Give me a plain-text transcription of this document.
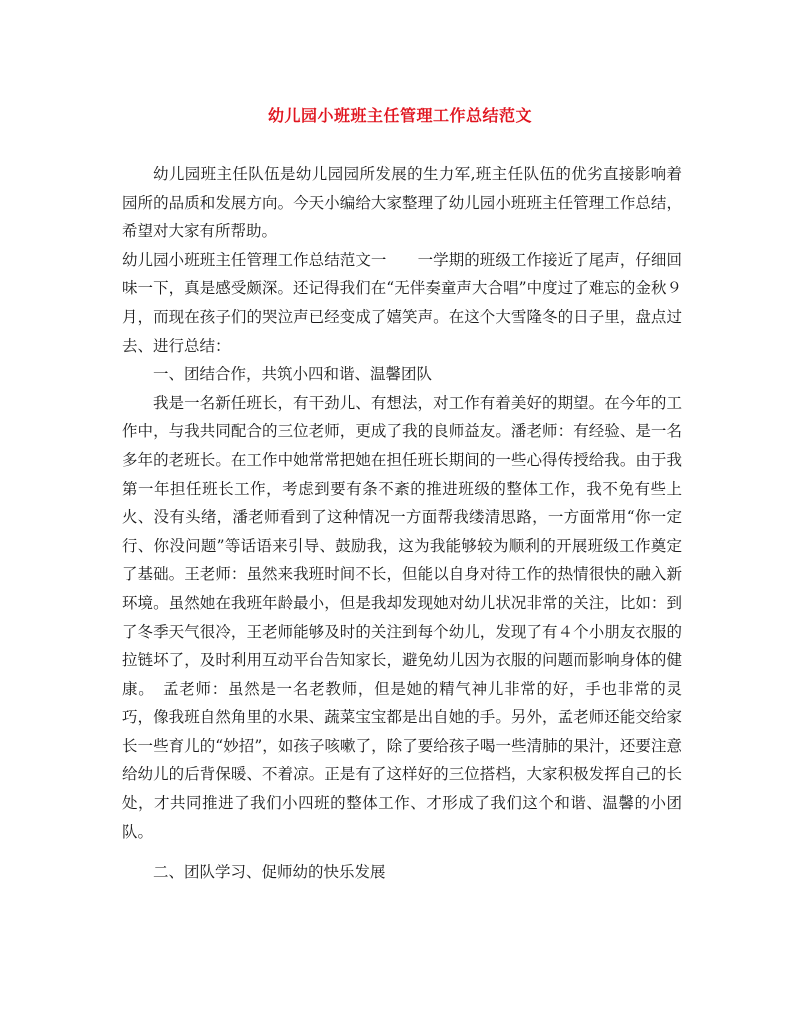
幼儿园小班班主任管理工作总结范文

幼儿园班主任队伍是幼儿园园所发展的生力军,班主任队伍的优劣直接影响着园所的品质和发展方向。今天小编给大家整理了幼儿园小班班主任管理工作总结，希望对大家有所帮助。

幼儿园小班班主任管理工作总结范文一　　一学期的班级工作接近了尾声，仔细回味一下，真是感受颇深。还记得我们在“无伴奏童声大合唱”中度过了难忘的金秋９月，而现在孩子们的哭泣声已经变成了嬉笑声。在这个大雪隆冬的日子里，盘点过去、进行总结：

一、团结合作，共筑小四和谐、温馨团队

我是一名新任班长，有干劲儿、有想法，对工作有着美好的期望。在今年的工作中，与我共同配合的三位老师，更成了我的良师益友。潘老师：有经验、是一名多年的老班长。在工作中她常常把她在担任班长期间的一些心得传授给我。由于我第一年担任班长工作，考虑到要有条不紊的推进班级的整体工作，我不免有些上火、没有头绪，潘老师看到了这种情况一方面帮我缕清思路，一方面常用“你一定行、你没问题”等话语来引导、鼓励我，这为我能够较为顺利的开展班级工作奠定了基础。王老师：虽然来我班时间不长，但能以自身对待工作的热情很快的融入新环境。虽然她在我班年龄最小，但是我却发现她对幼儿状况非常的关注，比如：到了冬季天气很冷，王老师能够及时的关注到每个幼儿，发现了有４个小朋友衣服的拉链坏了，及时利用互动平台告知家长，避免幼儿因为衣服的问题而影响身体的健康。　孟老师：虽然是一名老教师，但是她的精气神儿非常的好，手也非常的灵巧，像我班自然角里的水果、蔬菜宝宝都是出自她的手。另外，孟老师还能交给家长一些育儿的“妙招”，如孩子咳嗽了，除了要给孩子喝一些清肺的果汁，还要注意给幼儿的后背保暖、不着凉。正是有了这样好的三位搭档，大家积极发挥自己的长处，才共同推进了我们小四班的整体工作、才形成了我们这个和谐、温馨的小团队。

二、团队学习、促师幼的快乐发展
